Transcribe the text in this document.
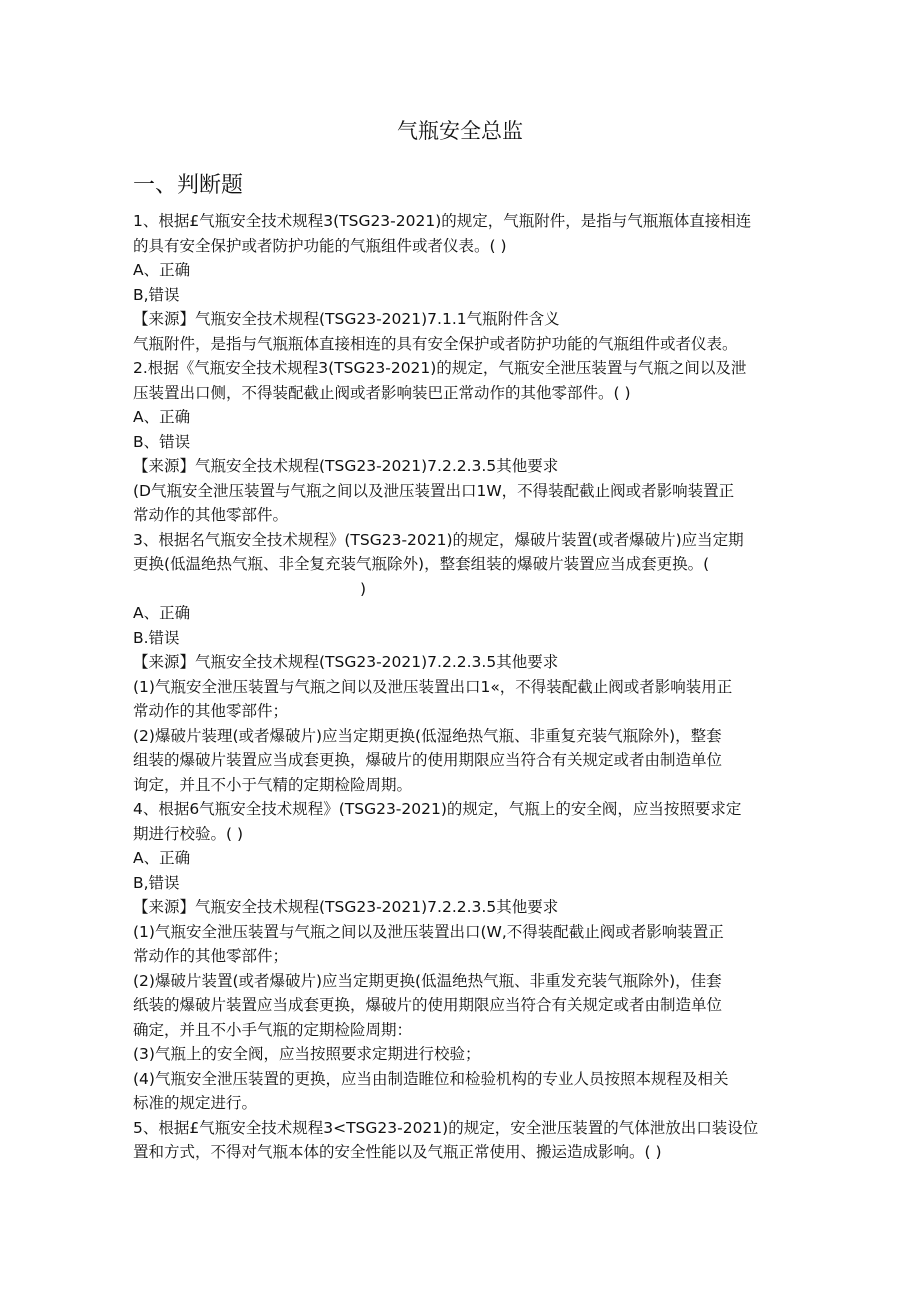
气瓶安全总监
一、判断题

1、根据£气瓶安全技术规程3(TSG23-2021)的规定，气瓶附件，是指与气瓶瓶体直接相连

的具有安全保护或者防护功能的气瓶组件或者仪表。( )

A、正确

B,错误

【来源】气瓶安全技术规程(TSG23-2021)7.1.1气瓶附件含义

气瓶附件，是指与气瓶瓶体直接相连的具有安全保护或者防护功能的气瓶组件或者仪表。

2.根据《气瓶安全技术规程3(TSG23-2021)的规定，气瓶安全泄压装置与气瓶之间以及泄

压装置出口侧，不得装配截止阀或者影响装巴正常动作的其他零部件。( )

A、正确

B、错误

【来源】气瓶安全技术规程(TSG23-2021)7.2.2.3.5其他要求

(D气瓶安全泄压装置与气瓶之间以及泄压装置出口1W，不得装配截止阀或者影响装置正

常动作的其他零部件。

3、根据名气瓶安全技术规程》(TSG23-2021)的规定，爆破片装置(或者爆破片)应当定期

更换(低温绝热气瓶、非全复充装气瓶除外)，整套组装的爆破片装置应当成套更换。(

)

A、正确

B.错误

【来源】气瓶安全技术规程(TSG23-2021)7.2.2.3.5其他要求

(1)气瓶安全泄压装置与气瓶之间以及泄压装置出口1«，不得装配截止阀或者影响装用正

常动作的其他零部件；

(2)爆破片装理(或者爆破片)应当定期更换(低湿绝热气瓶、非重复充装气瓶除外)，整套

组装的爆破片装置应当成套更换，爆破片的使用期限应当符合有关规定或者由制造单位

询定，并且不小于气精的定期检险周期。

4、根据6气瓶安全技术规程》(TSG23-2021)的规定，气瓶上的安全阀，应当按照要求定

期进行校验。( )

A、正确

B,错误

【来源】气瓶安全技术规程(TSG23-2021)7.2.2.3.5其他要求

(1)气瓶安全泄压装置与气瓶之间以及泄压装置出口(W,不得装配截止阀或者影响装置正

常动作的其他零部件；

(2)爆破片装置(或者爆破片)应当定期更换(低温绝热气瓶、非重发充装气瓶除外)，佳套

纸装的爆破片装置应当成套更换，爆破片的使用期限应当符合有关规定或者由制造单位

确定，并且不小手气瓶的定期检险周期：

(3)气瓶上的安全阀，应当按照要求定期进行校验；

(4)气瓶安全泄压装置的更换，应当由制造睢位和检验机构的专业人员按照本规程及相关

标准的规定进行。

5、根据£气瓶安全技术规程3<TSG23-2021)的规定，安全泄压装置的气体泄放出口装设位

置和方式，不得对气瓶本体的安全性能以及气瓶正常使用、搬运造成影响。( )
